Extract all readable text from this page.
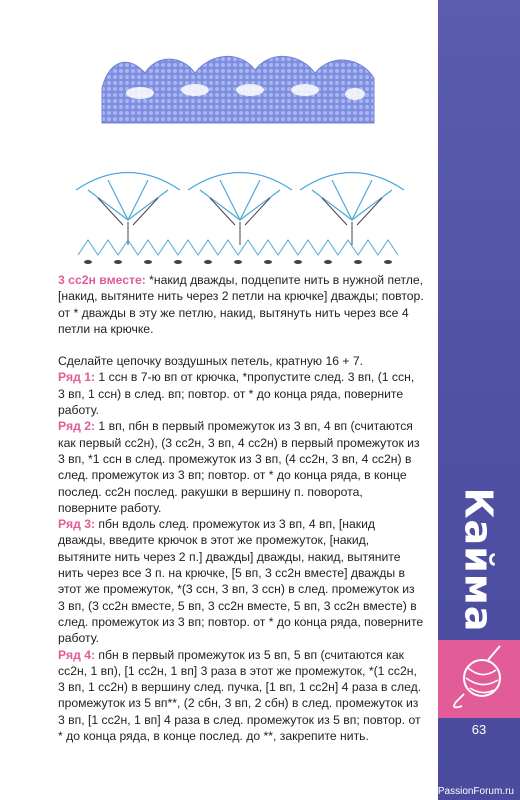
3 сс2н вместе: *накид дважды, подцепите нить в нужной петле, [накид, вытяните нить через 2 петли на крючке] дважды; повтор. от * дважды в эту же петлю, накид, вытянуть нить через все 4 петли на крючке.

Сделайте цепочку воздушных петель, кратную 16 + 7.

Ряд 1: 1 ссн в 7-ю вп от крючка, *пропустите след. 3 вп, (1 ссн, 3 вп, 1 ссн) в след. вп; повтор. от * до конца ряда, поверните работу.

Ряд 2: 1 вп, пбн в первый промежуток из 3 вп, 4 вп (считаются как первый сс2н), (3 сс2н, 3 вп, 4 сс2н) в первый промежуток из 3 вп, *1 ссн в след. промежуток из 3 вп, (4 сс2н, 3 вп, 4 сс2н) в след. промежуток из 3 вп; повтор. от * до конца ряда, в конце послед. сс2н послед. ракушки в вершину п. поворота, поверните работу.

Ряд 3: пбн вдоль след. промежуток из 3 вп, 4 вп, [накид дважды, введите крючок в этот же промежуток, [накид, вытяните нить через 2 п.] дважды] дважды, накид, вытяните нить через все 3 п. на крючке, [5 вп, 3 сс2н вместе] дважды в этот же промежуток, *(3 ссн, 3 вп, 3 ссн) в след. промежуток из 3 вп, (3 сс2н вместе, 5 вп, 3 сс2н вместе, 5 вп, 3 сс2н вместе) в след. промежуток из 3 вп; повтор. от * до конца ряда, поверните работу.

Ряд 4: пбн в первый промежуток из 5 вп, 5 вп (считаются как сс2н, 1 вп), [1 сс2н, 1 вп] 3 раза в этот же промежуток, *(1 сс2н, 3 вп, 1 сс2н) в вершину след. пучка, [1 вп, 1 сс2н] 4 раза в след. промежуток из 5 вп**, (2 сбн, 3 вп, 2 сбн) в след. промежуток из 3 вп, [1 сс2н, 1 вп] 4 раза в след. промежуток из 5 вп; повтор. от * до конца ряда, в конце послед. до **, закрепите нить.

Кайма
63
PassionForum.ru
